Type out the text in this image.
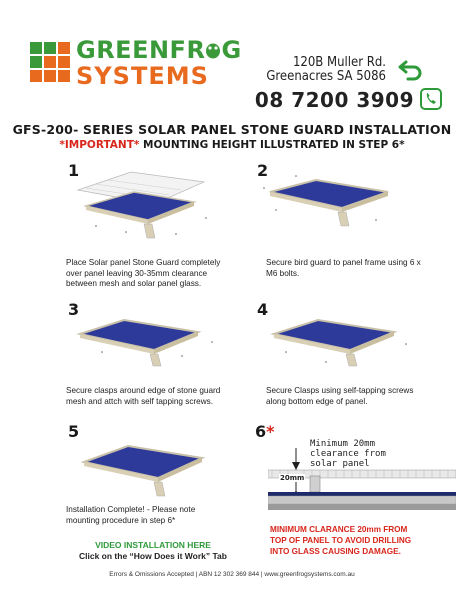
GREENFR G
SYSTEMS	120B Muller Rd.
Greenacres SA 5086
08 7200 3909
GFS-200- SERIES SOLAR PANEL STONE GUARD INSTALLATION
*IMPORTANT* MOUNTING HEIGHT ILLUSTRATED IN STEP 6*
1
Place Solar panel Stone Guard completely
over panel leaving 30-35mm clearance
between mesh and solar panel glass.
2
Secure bird guard to panel frame using 6 x
M6 bolts.
3
Secure clasps around edge of stone guard
mesh and attch with self tapping screws.
4
Secure Clasps using self-tapping screws
along bottom edge of panel.
5
Installation Complete! - Please note
mounting procedure in step 6*
VIDEO INSTALLATION HERE
Click on the “How Does it Work” Tab
6*
Minimum 20mm
clearance from
solar panel
20mm
MINIMUM CLARANCE 20mm FROM
TOP OF PANEL TO AVOID DRILLING
INTO GLASS CAUSING DAMAGE.
Errors & Omissions Accepted | ABN 12 302 369 844 | www.greenfrogsystems.com.au
